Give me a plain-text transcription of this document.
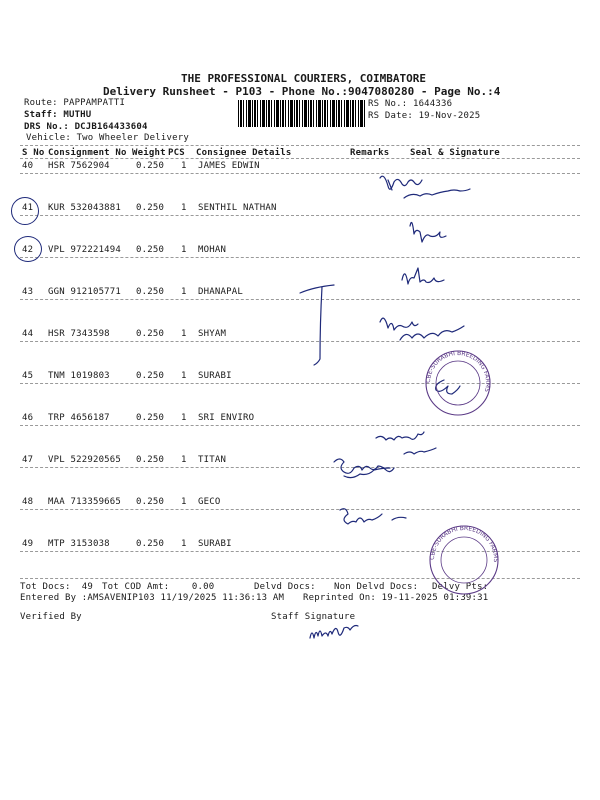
THE PROFESSIONAL COURIERS, COIMBATORE
Delivery Runsheet - P103 - Phone No.:9047080280 - Page No.:4
Route: PAPPAMPATTI
Staff: MUTHU
DRS No.: DCJB164433604
Vehicle: Two Wheeler Delivery
RS No.: 1644336
RS Date: 19-Nov-2025
S No Consignment No Weight PCS Consignee Details	Remarks Seal & Signature
40 HSR 7562904	0.250 1 JAMES EDWIN
41 KUR 532043881 0.250 1 SENTHIL NATHAN
42 VPL 972221494 0.250 1 MOHAN
43 GGN 912105771 0.250 1 DHANAPAL
44 HSR 7343598	0.250 1 SHYAM
45 TNM 1019803	0.250 1 SURABI
46 TRP 4656187	0.250 1 SRI ENVIRO
47 VPL 522920565 0.250 1 TITAN
48 MAA 713359665 0.250 1 GECO
49 MTP 3153038	0.250 1 SURABI
Tot Docs:  49 Tot COD Amt:    0.00	Delvd Docs: Non Delvd Docs: Delvy Pts:
Entered By :AMSAVENIP103 11/19/2025 11:36:13 AM Reprinted On: 19-11-2025 01:39:31
Verified By	Staff Signature
CBE-SURABHI BREEDING FARMS
CBE-SURABHI BREEDING FARMS
